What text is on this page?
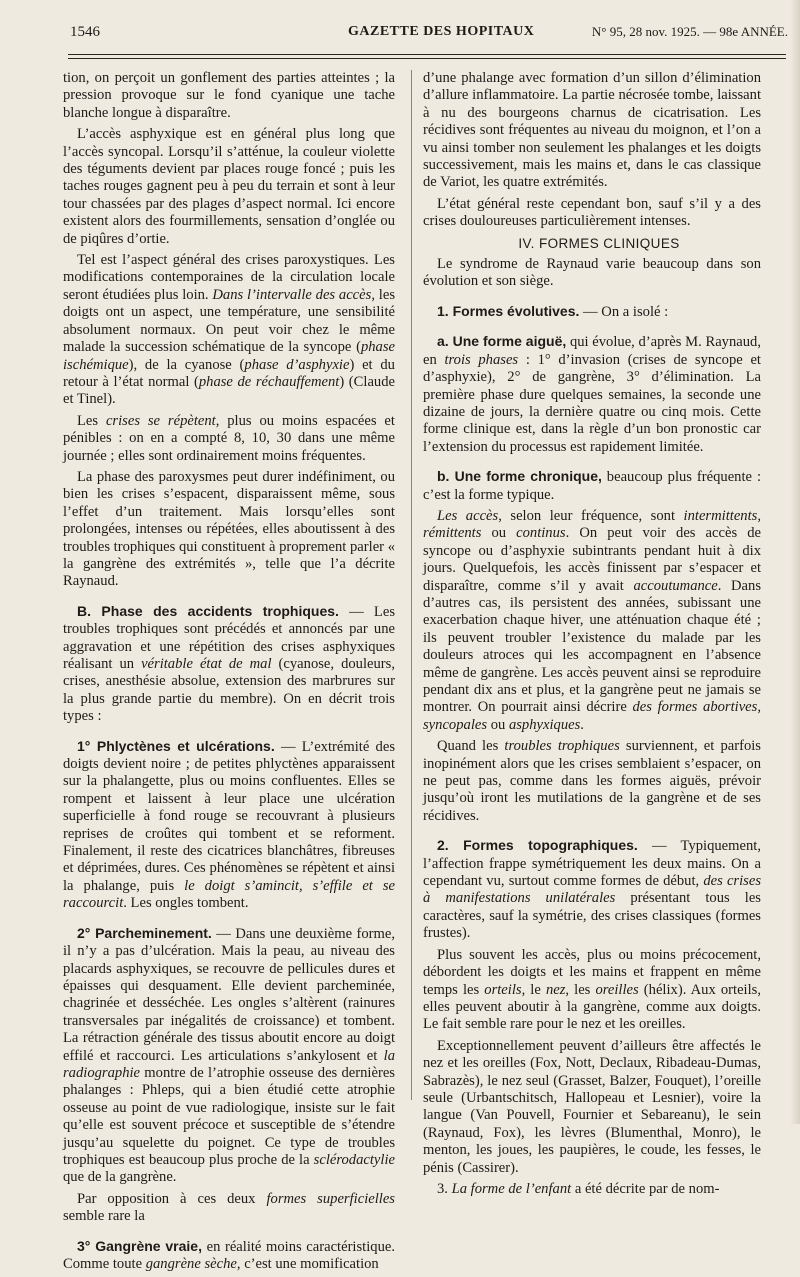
1546	GAZETTE DES HOPITAUX	N° 95, 28 nov. 1925. — 98e ANNÉE.

tion, on perçoit un gonflement des parties atteintes ; la pression provoque sur le fond cyanique une tache blanche longue à disparaître.

L’accès asphyxique est en général plus long que l’accès syncopal. Lorsqu’il s’atténue, la couleur violette des téguments devient par places rouge foncé ; puis les taches rouges gagnent peu à peu du terrain et sont à leur tour chassées par des plages d’aspect normal. Ici encore existent alors des fourmillements, sensation d’onglée ou de piqûres d’ortie.

Tel est l’aspect général des crises paroxystiques. Les modifications contemporaines de la circulation locale seront étudiées plus loin. Dans l’intervalle des accès, les doigts ont un aspect, une température, une sensibilité absolument normaux. On peut voir chez le même malade la succession schématique de la syncope (phase ischémique), de la cyanose (phase d’asphyxie) et du retour à l’état normal (phase de réchauffement) (Claude et Tinel).

Les crises se répètent, plus ou moins espacées et pénibles : on en a compté 8, 10, 30 dans une même journée ; elles sont ordinairement moins fréquentes.

La phase des paroxysmes peut durer indéfiniment, ou bien les crises s’espacent, disparaissent même, sous l’effet d’un traitement. Mais lorsqu’elles sont prolongées, intenses ou répétées, elles aboutissent à des troubles trophiques qui constituent à proprement parler « la gangrène des extrémités », telle que l’a décrite Raynaud.

B. Phase des accidents trophiques. — Les troubles trophiques sont précédés et annoncés par une aggravation et une répétition des crises asphyxiques réalisant un véritable état de mal (cyanose, douleurs, crises, anesthésie absolue, extension des marbrures sur la plus grande partie du membre). On en décrit trois types :

1° Phlyctènes et ulcérations. — L’extrémité des doigts devient noire ; de petites phlyctènes apparaissent sur la phalangette, plus ou moins confluentes. Elles se rompent et laissent à leur place une ulcération superficielle à fond rouge se recouvrant à plusieurs reprises de croûtes qui tombent et se reforment. Finalement, il reste des cicatrices blanchâtres, fibreuses et déprimées, dures. Ces phénomènes se répètent et ainsi la phalange, puis le doigt s’amincit, s’effile et se raccourcit. Les ongles tombent.

2° Parcheminement. — Dans une deuxième forme, il n’y a pas d’ulcération. Mais la peau, au niveau des placards asphyxiques, se recouvre de pellicules dures et épaisses qui desquament. Elle devient parcheminée, chagrinée et desséchée. Les ongles s’altèrent (rainures transversales par inégalités de croissance) et tombent. La rétraction générale des tissus aboutit encore au doigt effilé et raccourci. Les articulations s’ankylosent et la radiographie montre de l’atrophie osseuse des dernières phalanges : Phleps, qui a bien étudié cette atrophie osseuse au point de vue radiologique, insiste sur le fait qu’elle est souvent précoce et susceptible de s’étendre jusqu’au squelette du poignet. Ce type de troubles trophiques est beaucoup plus proche de la sclérodactylie que de la gangrène.

Par opposition à ces deux formes superficielles semble rare la

3° Gangrène vraie, en réalité moins caractéristique. Comme toute gangrène sèche, c’est une momification

d’une phalange avec formation d’un sillon d’élimination d’allure inflammatoire. La partie nécrosée tombe, laissant à nu des bourgeons charnus de cicatrisation. Les récidives sont fréquentes au niveau du moignon, et l’on a vu ainsi tomber non seulement les phalanges et les doigts successivement, mais les mains et, dans le cas classique de Variot, les quatre extrémités.

L’état général reste cependant bon, sauf s’il y a des crises douloureuses particulièrement intenses.

IV. FORMES CLINIQUES

Le syndrome de Raynaud varie beaucoup dans son évolution et son siège.

1. Formes évolutives. — On a isolé :

a. Une forme aiguë, qui évolue, d’après M. Raynaud, en trois phases : 1° d’invasion (crises de syncope et d’asphyxie), 2° de gangrène, 3° d’élimination. La première phase dure quelques semaines, la seconde une dizaine de jours, la dernière quatre ou cinq mois. Cette forme clinique est, dans la règle d’un bon pronostic car l’extension du processus est rapidement limitée.

b. Une forme chronique, beaucoup plus fréquente : c’est la forme typique.

Les accès, selon leur fréquence, sont intermittents, rémittents ou continus. On peut voir des accès de syncope ou d’asphyxie subintrants pendant huit à dix jours. Quelquefois, les accès finissent par s’espacer et disparaître, comme s’il y avait accoutumance. Dans d’autres cas, ils persistent des années, subissant une exacerbation chaque hiver, une atténuation chaque été ; ils peuvent troubler l’existence du malade par les douleurs atroces qui les accompagnent en l’absence même de gangrène. Les accès peuvent ainsi se reproduire pendant dix ans et plus, et la gangrène peut ne jamais se montrer. On pourrait ainsi décrire des formes abortives, syncopales ou asphyxiques.

Quand les troubles trophiques surviennent, et parfois inopinément alors que les crises semblaient s’espacer, on ne peut pas, comme dans les formes aiguës, prévoir jusqu’où iront les mutilations de la gangrène et de ses récidives.

2. Formes topographiques. — Typiquement, l’affection frappe symétriquement les deux mains. On a cependant vu, surtout comme formes de début, des crises à manifestations unilatérales présentant tous les caractères, sauf la symétrie, des crises classiques (formes frustes).

Plus souvent les accès, plus ou moins précocement, débordent les doigts et les mains et frappent en même temps les orteils, le nez, les oreilles (hélix). Aux orteils, elles peuvent aboutir à la gangrène, comme aux doigts. Le fait semble rare pour le nez et les oreilles.

Exceptionnellement peuvent d’ailleurs être affectés le nez et les oreilles (Fox, Nott, Declaux, Ribadeau-Dumas, Sabrazès), le nez seul (Grasset, Balzer, Fouquet), l’oreille seule (Urbantschitsch, Hallopeau et Lesnier), voire la langue (Van Pouvell, Fournier et Sebareanu), le sein (Raynaud, Fox), les lèvres (Blumenthal, Monro), le menton, les joues, les paupières, le coude, les fesses, le pénis (Cassirer).

3. La forme de l’enfant a été décrite par de nom-
